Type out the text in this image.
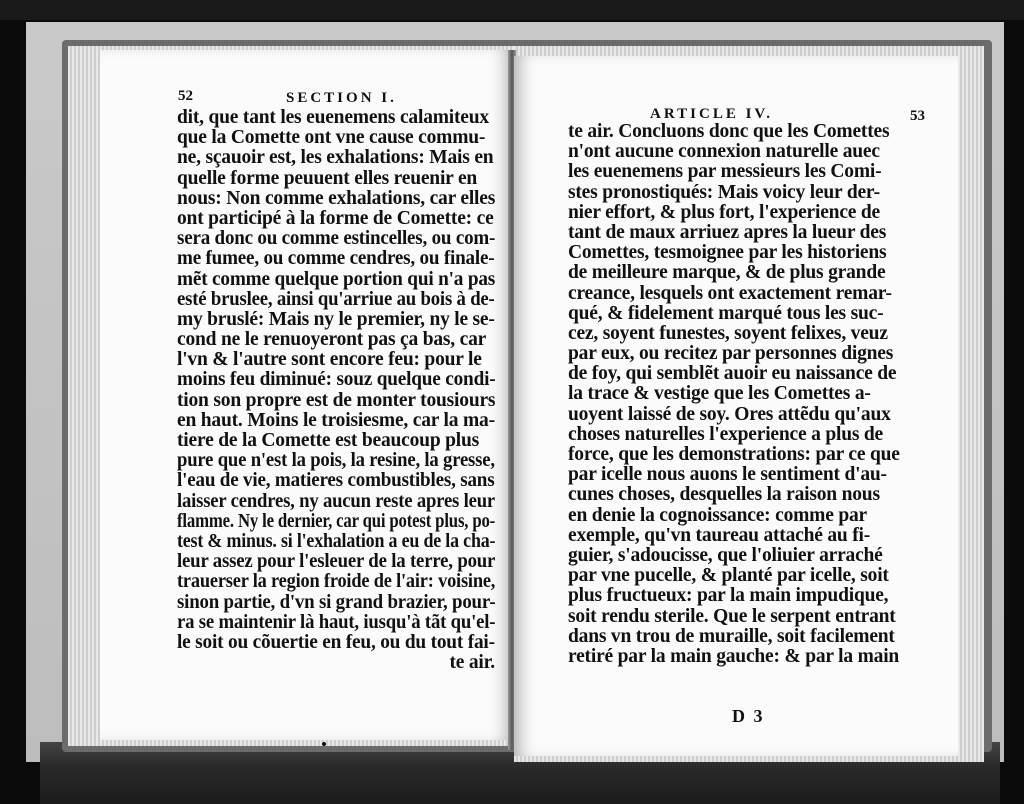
52	SECTION I.
dit, que tant les euenemens calamiteux
que la Comette ont vne cause commu-
ne, sçauoir est, les exhalations: Mais en
quelle forme peuuent elles reuenir en
nous: Non comme exhalations, car elles
ont participé à la forme de Comette: ce
sera donc ou comme estincelles, ou com-
me fumee, ou comme cendres, ou finale-
mẽt comme quelque portion qui n'a pas
esté bruslee, ainsi qu'arriue au bois à de-
my bruslé: Mais ny le premier, ny le se-
cond ne le renuoyeront pas ça bas, car
l'vn & l'autre sont encore feu: pour le
moins feu diminué: souz quelque condi-
tion son propre est de monter tousiours
en haut. Moins le troisiesme, car la ma-
tiere de la Comette est beaucoup plus
pure que n'est la pois, la resine, la gresse,
l'eau de vie, matieres combustibles, sans
laisser cendres, ny aucun reste apres leur
flamme. Ny le dernier, car qui potest plus, po-
test & minus. si l'exhalation a eu de la cha-
leur assez pour l'esleuer de la terre, pour
trauerser la region froide de l'air: voisine,
sinon partie, d'vn si grand brazier, pour-
ra se maintenir là haut, iusqu'à tãt qu'el-
le soit ou cõuertie en feu, ou du tout fai-
te air.
ARTICLE IV.	53
te air. Concluons donc que les Comettes
n'ont aucune connexion naturelle auec
les euenemens par messieurs les Comi-
stes pronostiqués: Mais voicy leur der-
nier effort, & plus fort, l'experience de
tant de maux arriuez apres la lueur des
Comettes, tesmoignee par les historiens
de meilleure marque, & de plus grande
creance, lesquels ont exactement remar-
qué, & fidelement marqué tous les suc-
cez, soyent funestes, soyent felixes, veuz
par eux, ou recitez par personnes dignes
de foy, qui semblẽt auoir eu naissance de
la trace & vestige que les Comettes a-
uoyent laissé de soy. Ores attẽdu qu'aux
choses naturelles l'experience a plus de
force, que les demonstrations: par ce que
par icelle nous auons le sentiment d'au-
cunes choses, desquelles la raison nous
en denie la cognoissance: comme par
exemple, qu'vn taureau attaché au fi-
guier, s'adoucisse, que l'oliuier arraché
par vne pucelle, & planté par icelle, soit
plus fructueux: par la main impudique,
soit rendu sterile. Que le serpent entrant
dans vn trou de muraille, soit facilement
retiré par la main gauche: & par la main
D 3
